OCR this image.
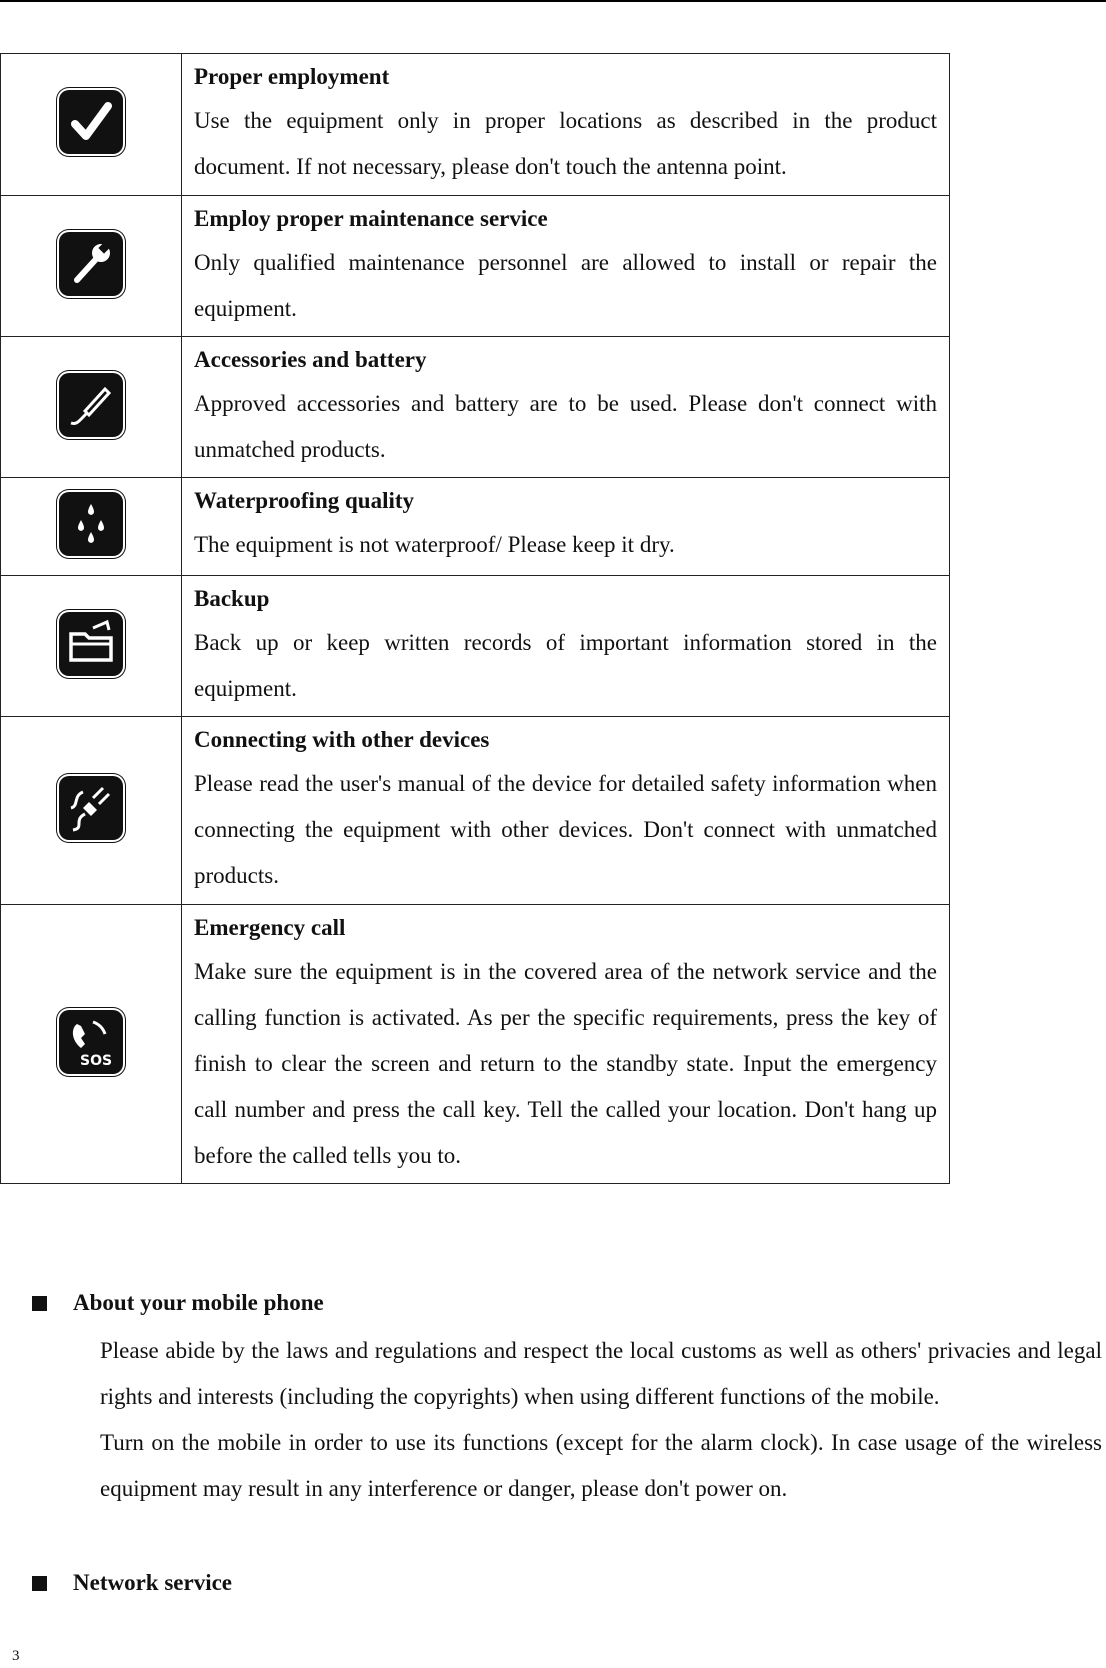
Proper employment
Use the equipment only in proper locations as described in the product document. If not necessary, please don't touch the antenna point.

Employ proper maintenance service
Only qualified maintenance personnel are allowed to install or repair the equipment.

Accessories and battery
Approved accessories and battery are to be used. Please don't connect with unmatched products.

Waterproofing quality
The equipment is not waterproof/ Please keep it dry.

Backup
Back up or keep written records of important information stored in the equipment.

Connecting with other devices
Please read the user's manual of the device for detailed safety information when connecting the equipment with other devices. Don't connect with unmatched products.

SOS	Emergency call
Make sure the equipment is in the covered area of the network service and the calling function is activated. As per the specific requirements, press the key of finish to clear the screen and return to the standby state. Input the emergency call number and press the call key. Tell the called your location. Don't hang up before the called tells you to.
About your mobile phone
Please abide by the laws and regulations and respect the local customs as well as others' privacies and legal rights and interests (including the copyrights) when using different functions of the mobile.
Turn on the mobile in order to use its functions (except for the alarm clock). In case usage of the wireless equipment may result in any interference or danger, please don't power on.
Network service
3
